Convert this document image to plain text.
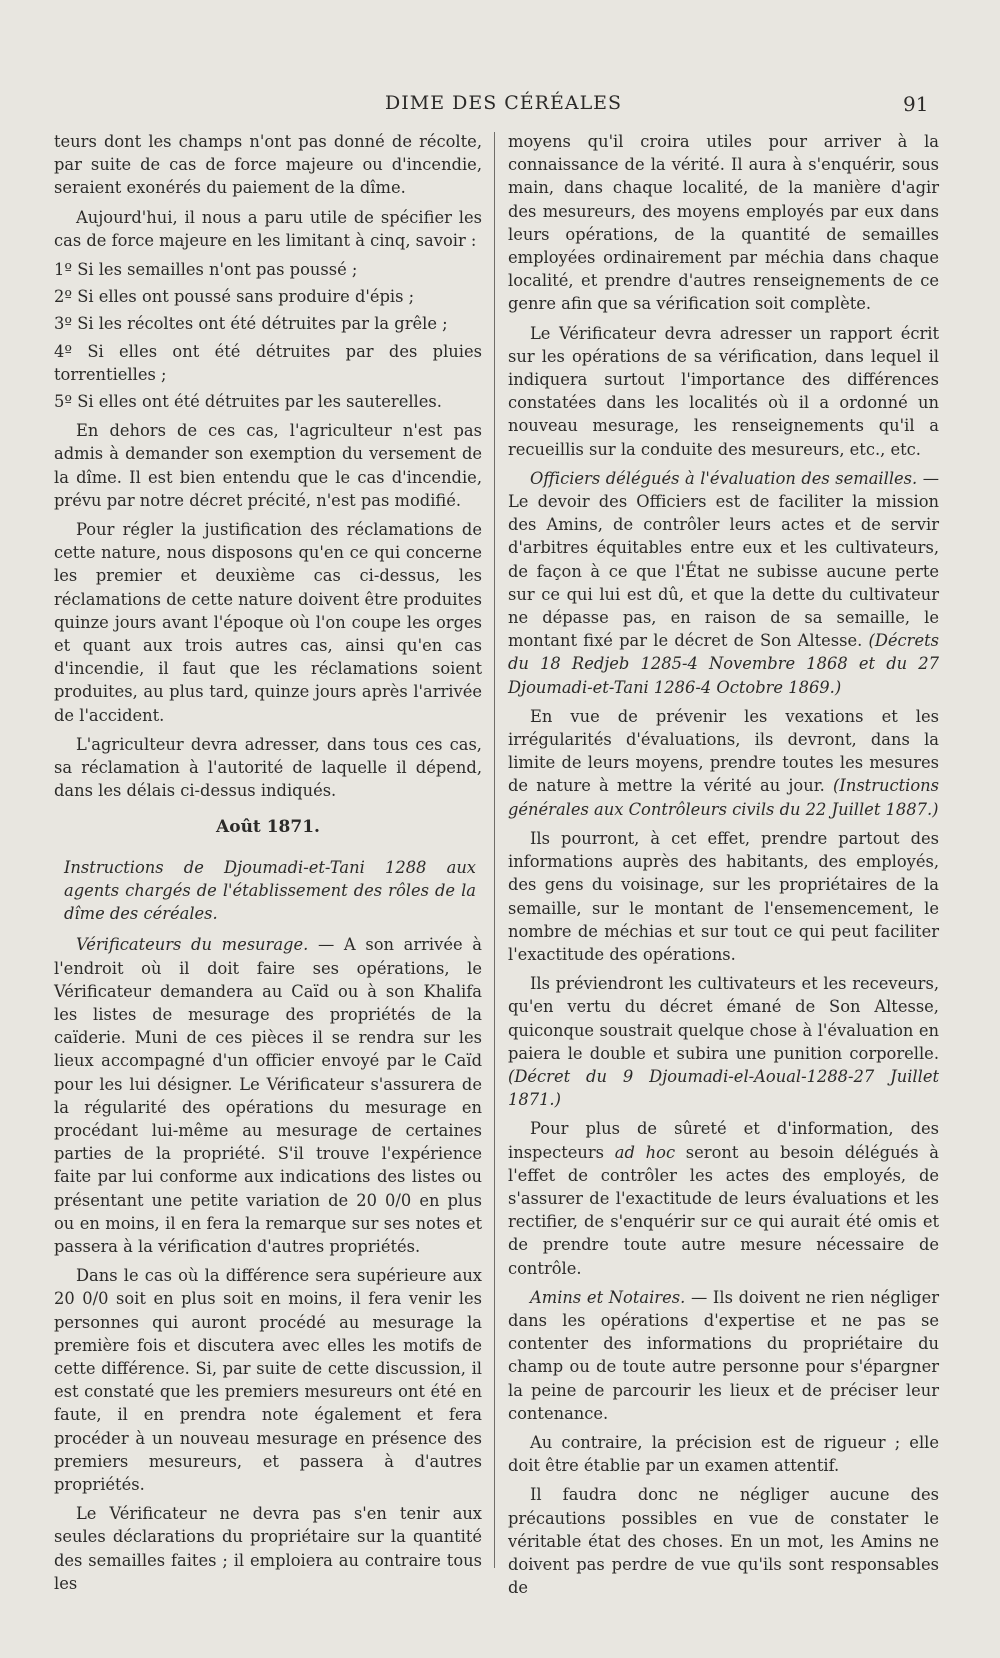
DIME DES CÉRÉALES	91

teurs dont les champs n'ont pas donné de récolte, par suite de cas de force majeure ou d'incendie, seraient exonérés du paiement de la dîme.

Aujourd'hui, il nous a paru utile de spécifier les cas de force majeure en les limitant à cinq, savoir :

1º Si les semailles n'ont pas poussé ;

2º Si elles ont poussé sans produire d'épis ;

3º Si les récoltes ont été détruites par la grêle ;

4º Si elles ont été détruites par des pluies torrentielles ;

5º Si elles ont été détruites par les sauterelles.

En dehors de ces cas, l'agriculteur n'est pas admis à demander son exemption du versement de la dîme. Il est bien entendu que le cas d'incendie, prévu par notre décret précité, n'est pas modifié.

Pour régler la justification des réclamations de cette nature, nous disposons qu'en ce qui concerne les premier et deuxième cas ci-dessus, les réclamations de cette nature doivent être produites quinze jours avant l'époque où l'on coupe les orges et quant aux trois autres cas, ainsi qu'en cas d'incendie, il faut que les réclamations soient produites, au plus tard, quinze jours après l'arrivée de l'accident.

L'agriculteur devra adresser, dans tous ces cas, sa réclamation à l'autorité de laquelle il dépend, dans les délais ci-dessus indiqués.

Août 1871.

Instructions de Djoumadi-et-Tani 1288 aux agents chargés de l'établissement des rôles de la dîme des céréales.

Vérificateurs du mesurage. — A son arrivée à l'endroit où il doit faire ses opérations, le Vérificateur demandera au Caïd ou à son Khalifa les listes de mesurage des propriétés de la caïderie. Muni de ces pièces il se rendra sur les lieux accompagné d'un officier envoyé par le Caïd pour les lui désigner. Le Vérificateur s'assurera de la régularité des opérations du mesurage en procédant lui-même au mesurage de certaines parties de la propriété. S'il trouve l'expérience faite par lui conforme aux indications des listes ou présentant une petite variation de 20 0/0 en plus ou en moins, il en fera la remarque sur ses notes et passera à la vérification d'autres propriétés.

Dans le cas où la différence sera supérieure aux 20 0/0 soit en plus soit en moins, il fera venir les personnes qui auront procédé au mesurage la première fois et discutera avec elles les motifs de cette différence. Si, par suite de cette discussion, il est constaté que les premiers mesureurs ont été en faute, il en prendra note également et fera procéder à un nouveau mesurage en présence des premiers mesureurs, et passera à d'autres propriétés.

Le Vérificateur ne devra pas s'en tenir aux seules déclarations du propriétaire sur la quantité des semailles faites ; il emploiera au contraire tous les

moyens qu'il croira utiles pour arriver à la connaissance de la vérité. Il aura à s'enquérir, sous main, dans chaque localité, de la manière d'agir des mesureurs, des moyens employés par eux dans leurs opérations, de la quantité de semailles employées ordinairement par méchia dans chaque localité, et prendre d'autres renseignements de ce genre afin que sa vérification soit complète.

Le Vérificateur devra adresser un rapport écrit sur les opérations de sa vérification, dans lequel il indiquera surtout l'importance des différences constatées dans les localités où il a ordonné un nouveau mesurage, les renseignements qu'il a recueillis sur la conduite des mesureurs, etc., etc.

Officiers délégués à l'évaluation des semailles. — Le devoir des Officiers est de faciliter la mission des Amins, de contrôler leurs actes et de servir d'arbitres équitables entre eux et les cultivateurs, de façon à ce que l'État ne subisse aucune perte sur ce qui lui est dû, et que la dette du cultivateur ne dépasse pas, en raison de sa semaille, le montant fixé par le décret de Son Altesse. (Décrets du 18 Redjeb 1285-4 Novembre 1868 et du 27 Djoumadi-et-Tani 1286-4 Octobre 1869.)

En vue de prévenir les vexations et les irrégularités d'évaluations, ils devront, dans la limite de leurs moyens, prendre toutes les mesures de nature à mettre la vérité au jour. (Instructions générales aux Contrôleurs civils du 22 Juillet 1887.)

Ils pourront, à cet effet, prendre partout des informations auprès des habitants, des employés, des gens du voisinage, sur les propriétaires de la semaille, sur le montant de l'ensemencement, le nombre de méchias et sur tout ce qui peut faciliter l'exactitude des opérations.

Ils préviendront les cultivateurs et les receveurs, qu'en vertu du décret émané de Son Altesse, quiconque soustrait quelque chose à l'évaluation en paiera le double et subira une punition corporelle. (Décret du 9 Djoumadi-el-Aoual-1288-27 Juillet 1871.)

Pour plus de sûreté et d'information, des inspecteurs ad hoc seront au besoin délégués à l'effet de contrôler les actes des employés, de s'assurer de l'exactitude de leurs évaluations et les rectifier, de s'enquérir sur ce qui aurait été omis et de prendre toute autre mesure nécessaire de contrôle.

Amins et Notaires. — Ils doivent ne rien négliger dans les opérations d'expertise et ne pas se contenter des informations du propriétaire du champ ou de toute autre personne pour s'épargner la peine de parcourir les lieux et de préciser leur contenance.

Au contraire, la précision est de rigueur ; elle doit être établie par un examen attentif.

Il faudra donc ne négliger aucune des précautions possibles en vue de constater le véritable état des choses. En un mot, les Amins ne doivent pas perdre de vue qu'ils sont responsables de
